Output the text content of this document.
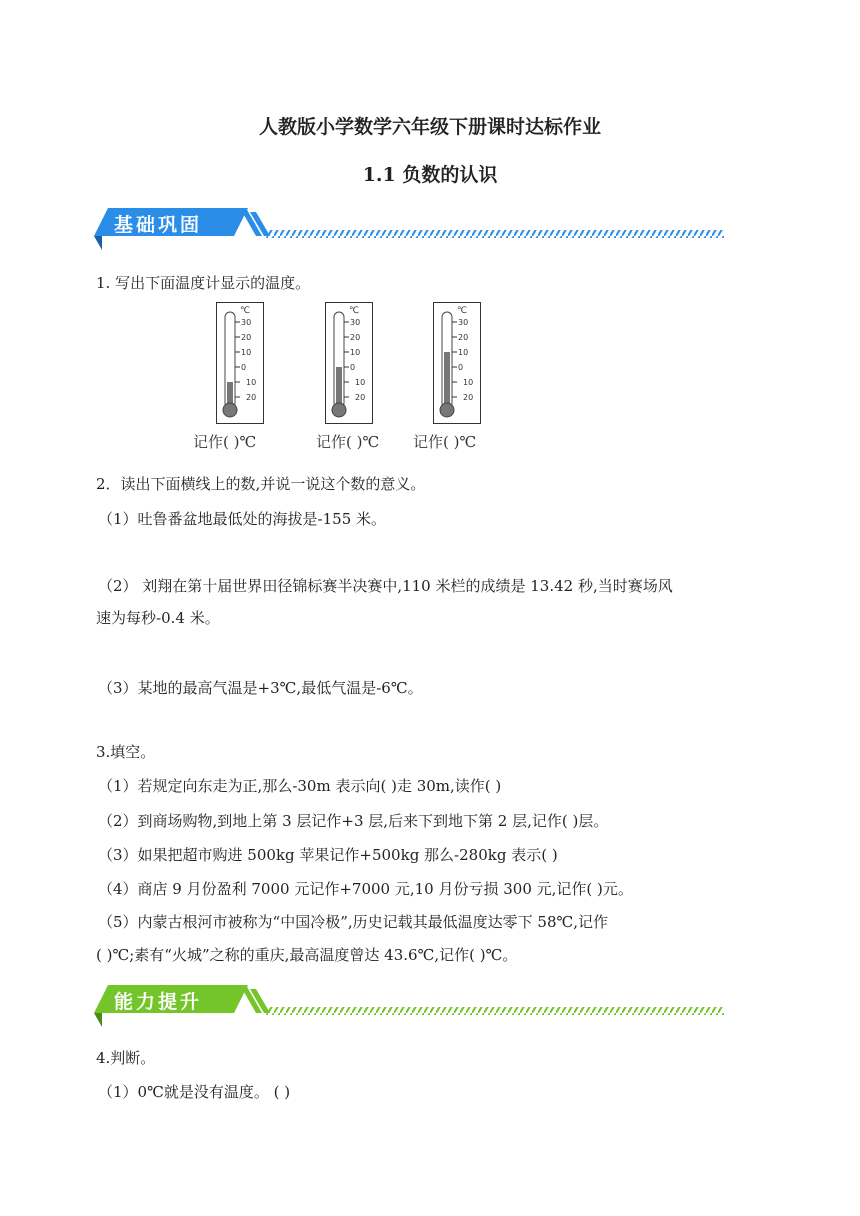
人教版小学数学六年级下册课时达标作业
1.1 负数的认识
基础巩固
1. 写出下面温度计显示的温度。
℃
30
20
10
0
10
20
℃
30
20
10
0
10
20
℃
30
20
10
0
10
20
记作( )℃	记作( )℃ 记作( )℃
2．读出下面横线上的数,并说一说这个数的意义。
（1）吐鲁番盆地最低处的海拔是-155 米。
（2） 刘翔在第十届世界田径锦标赛半决赛中,110 米栏的成绩是 13.42 秒,当时赛场风
速为每秒-0.4 米。
（3）某地的最高气温是+3℃,最低气温是-6℃。
3.填空。
（1）若规定向东走为正,那么-30m 表示向( )走 30m,读作( )
（2）到商场购物,到地上第 3 层记作+3 层,后来下到地下第 2 层,记作( )层。
（3）如果把超市购进 500kg 苹果记作+500kg 那么-280kg 表示( )
（4）商店 9 月份盈利 7000 元记作+7000 元,10 月份亏损 300 元,记作( )元。
（5）内蒙古根河市被称为“中国冷极”,历史记载其最低温度达零下 58℃,记作
( )℃;素有“火城”之称的重庆,最高温度曾达 43.6℃,记作( )℃。
能力提升
4.判断。
（1）0℃就是没有温度。 ( )
